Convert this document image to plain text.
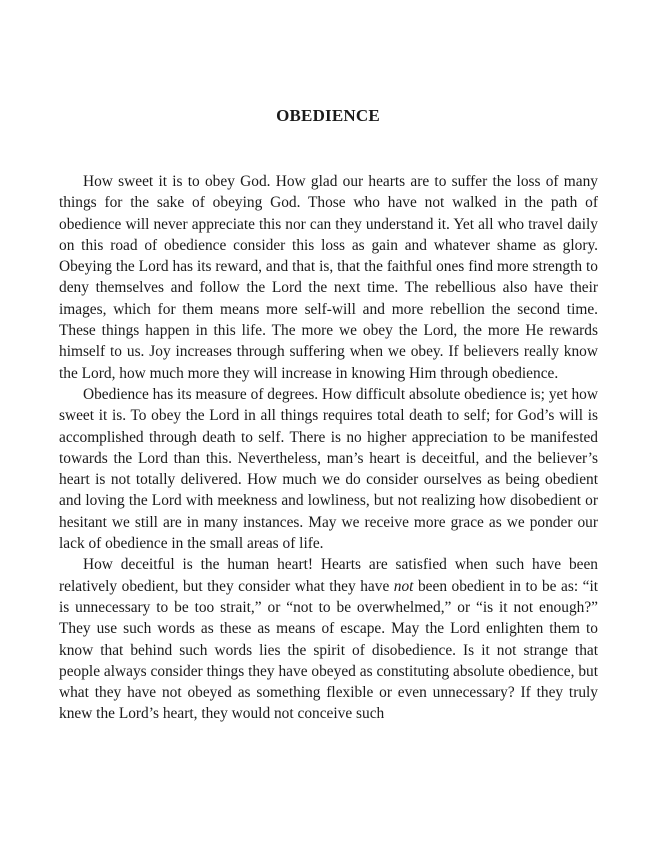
OBEDIENCE

How sweet it is to obey God. How glad our hearts are to suffer the loss of many things for the sake of obeying God. Those who have not walked in the path of obedience will never appreciate this nor can they understand it. Yet all who travel daily on this road of obedience consider this loss as gain and whatever shame as glory. Obeying the Lord has its reward, and that is, that the faithful ones find more strength to deny themselves and follow the Lord the next time. The rebellious also have their images, which for them means more self-will and more rebellion the second time. These things happen in this life. The more we obey the Lord, the more He rewards himself to us. Joy increases through suffering when we obey. If believers really know the Lord, how much more they will increase in knowing Him through obedience.

Obedience has its measure of degrees. How difficult absolute obedience is; yet how sweet it is. To obey the Lord in all things requires total death to self; for God’s will is accomplished through death to self. There is no higher appreciation to be manifested towards the Lord than this. Nevertheless, man’s heart is deceitful, and the believer’s heart is not totally delivered. How much we do consider ourselves as being obedient and loving the Lord with meekness and lowliness, but not realizing how disobedient or hesitant we still are in many instances. May we receive more grace as we ponder our lack of obedience in the small areas of life.

How deceitful is the human heart! Hearts are satisfied when such have been relatively obedient, but they consider what they have not been obedient in to be as: “it is unnecessary to be too strait,” or “not to be overwhelmed,” or “is it not enough?” They use such words as these as means of escape. May the Lord enlighten them to know that behind such words lies the spirit of disobedience. Is it not strange that people always consider things they have obeyed as constituting absolute obedience, but what they have not obeyed as something flexible or even unnecessary? If they truly knew the Lord’s heart, they would not conceive such
